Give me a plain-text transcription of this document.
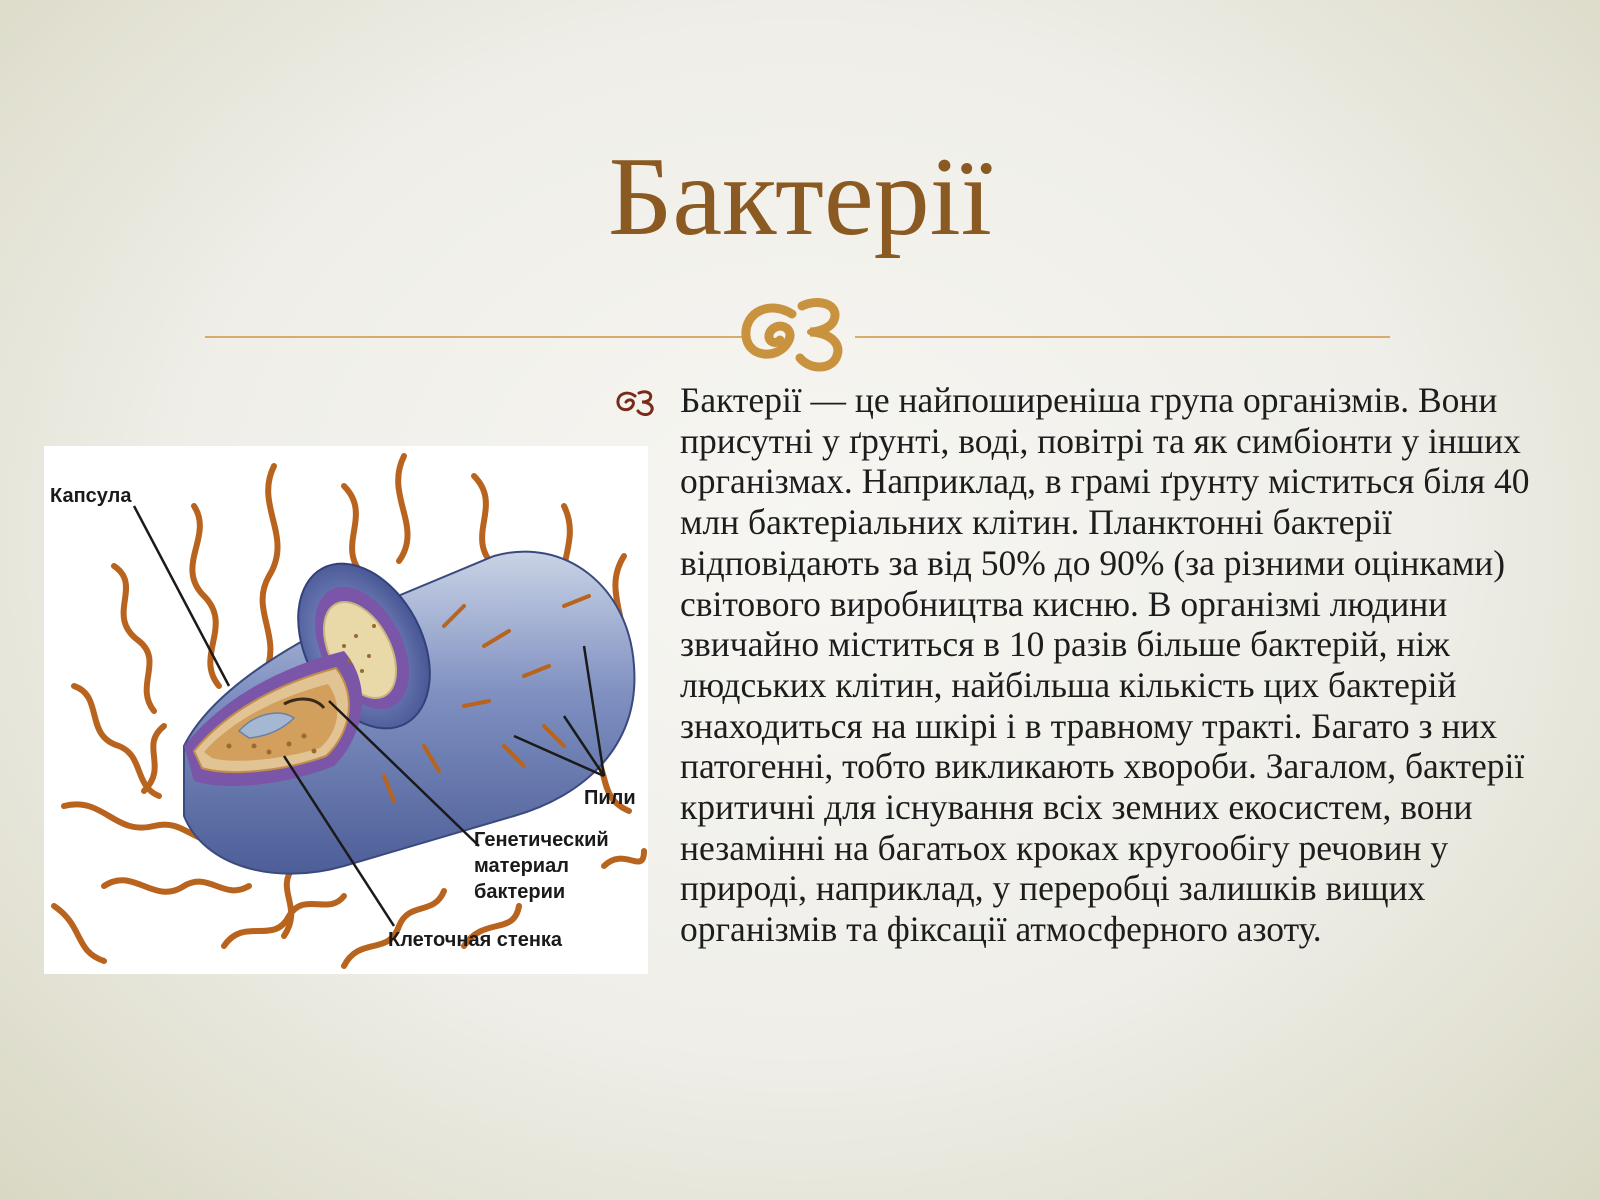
Бактерії
Капсула
Пили
Генетический
материал
бактерии
Клеточная стенка

Бактерії — це найпоширеніша група організмів. Вони присутні у ґрунті, воді, повітрі та як симбіонти у інших організмах. Наприклад, в грамі ґрунту міститься біля 40 млн бактеріальних клітин. Планктонні бактерії відповідають за від 50% до 90% (за різними оцінками) світового виробництва кисню. В організмі людини звичайно міститься в 10 разів більше бактерій, ніж людських клітин, найбільша кількість цих бактерій знаходиться на шкірі і в травному тракті. Багато з них патогенні, тобто викликають хвороби. Загалом, бактерії критичні для існування всіх земних екосистем, вони незамінні на багатьох кроках кругообігу речовин у природі, наприклад, у переробці залишків вищих організмів та фіксації атмосферного азоту.
